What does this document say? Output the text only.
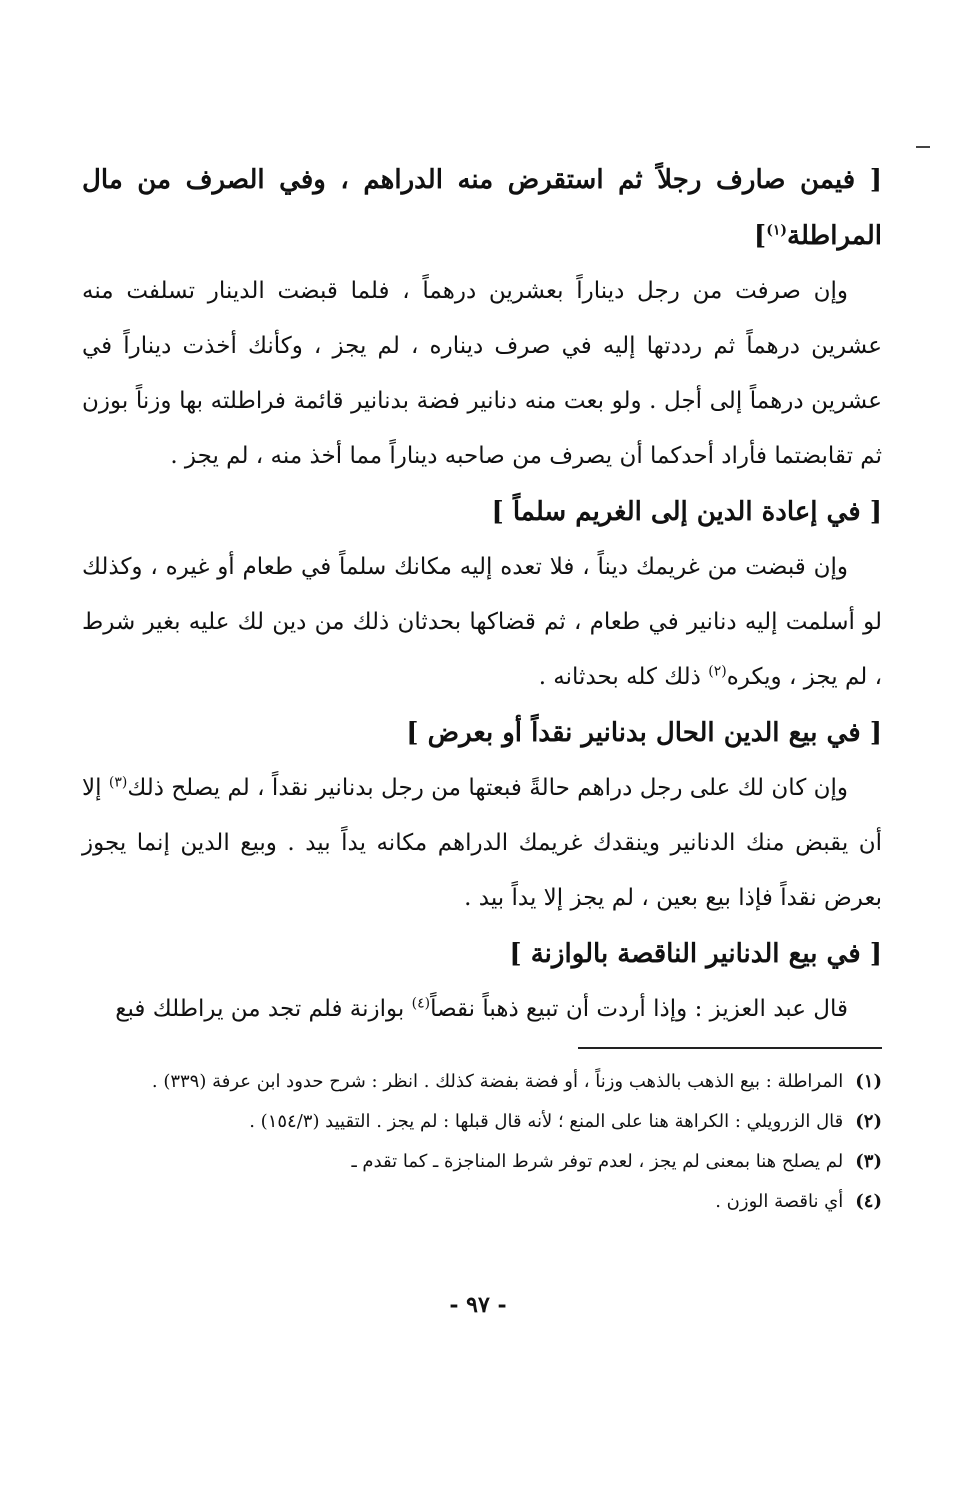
[ فيمن صارف رجلاً ثم استقرض منه الدراهم ، وفي الصرف من مال المراطلة$^{(١)}$]

وإن صرفت من رجل ديناراً بعشرين درهماً ، فلما قبضت الدينار تسلفت منه عشرين درهماً ثم رددتها إليه في صرف ديناره ، لم يجز ، وكأنك أخذت ديناراً في عشرين درهماً إلى أجل . ولو بعت منه دنانير فضة بدنانير قائمة فراطلته بها وزناً بوزن ثم تقابضتما فأراد أحدكما أن يصرف من صاحبه ديناراً مما أخذ منه ، لم يجز .

[ في إعادة الدين إلى الغريم سلماً ]

وإن قبضت من غريمك ديناً ، فلا تعده إليه مكانك سلماً في طعام أو غيره ، وكذلك لو أسلمت إليه دنانير في طعام ، ثم قضاكها بحدثان ذلك من دين لك عليه بغير شرط ، لم يجز ، ويكره$^{(٢)}$ ذلك كله بحدثانه .

[ في بيع الدين الحال بدنانير نقداً أو بعرض ]

وإن كان لك على رجل دراهم حالةً فبعتها من رجل بدنانير نقداً ، لم يصلح ذلك$^{(٣)}$ إلا أن يقبض منك الدنانير وينقدك غريمك الدراهم مكانه يداً بيد . وبيع الدين إنما يجوز بعرض نقداً فإذا بيع بعين ، لم يجز إلا يداً بيد .

[ في بيع الدنانير الناقصة بالوازنة ]

قال عبد العزيز : وإذا أردت أن تبيع ذهباً نقصاً$^{(٤)}$ بوازنة فلم تجد من يراطلك فبع

(١)المراطلة : بيع الذهب بالذهب وزناً ، أو فضة بفضة كذلك . انظر : شرح حدود ابن عرفة (٣٣٩) .

(٢)قال الزرويلي : الكراهة هنا على المنع ؛ لأنه قال قبلها : لم يجز . التقييد (١٥٤/٣) .

(٣)لم يصلح هنا بمعنى لم يجز ، لعدم توفر شرط المناجزة ـ كما تقدم ـ

(٤)أي ناقصة الوزن .

- ٩٧ -
